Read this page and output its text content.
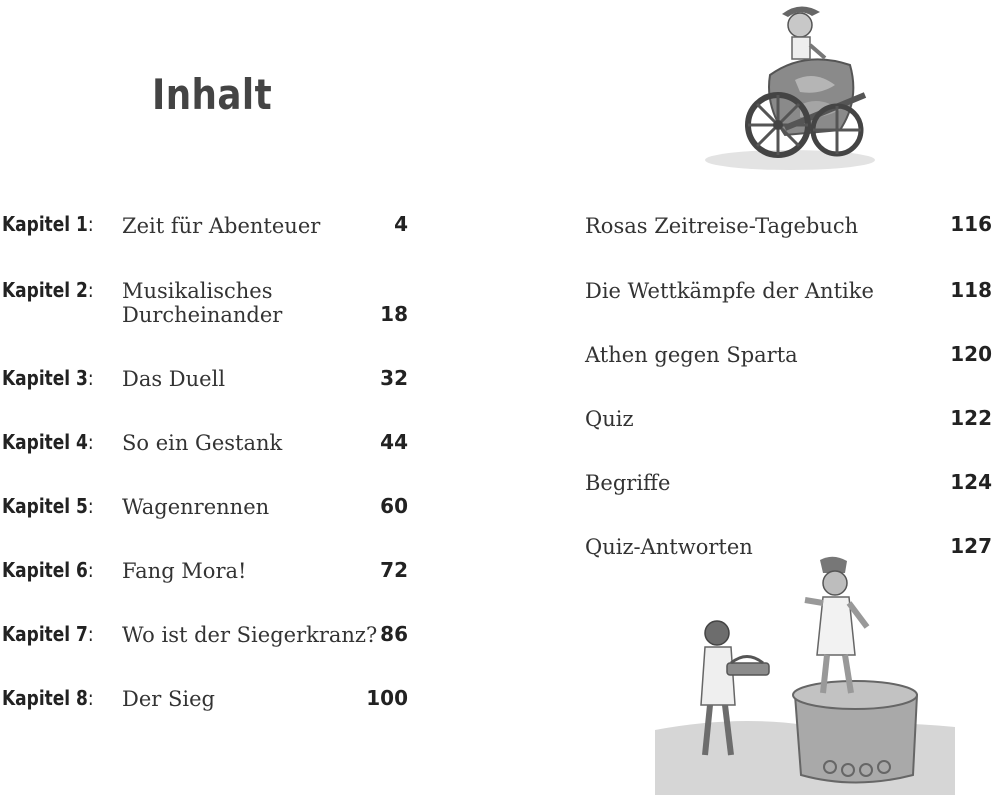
Inhalt
Kapitel 1: Zeit für Abenteuer	4
Kapitel 2: Musikalisches
Durcheinander	18
Kapitel 3: Das Duell	32
Kapitel 4: So ein Gestank	44
Kapitel 5: Wagenrennen	60
Kapitel 6: Fang Mora!	72
Kapitel 7: Wo ist der Siegerkranz? 86
Kapitel 8: Der Sieg	100
Rosas Zeitreise-Tagebuch	116
Die Wettkämpfe der Antike	118
Athen gegen Sparta	120
Quiz	122
Begriffe	124
Quiz-Antworten	127
